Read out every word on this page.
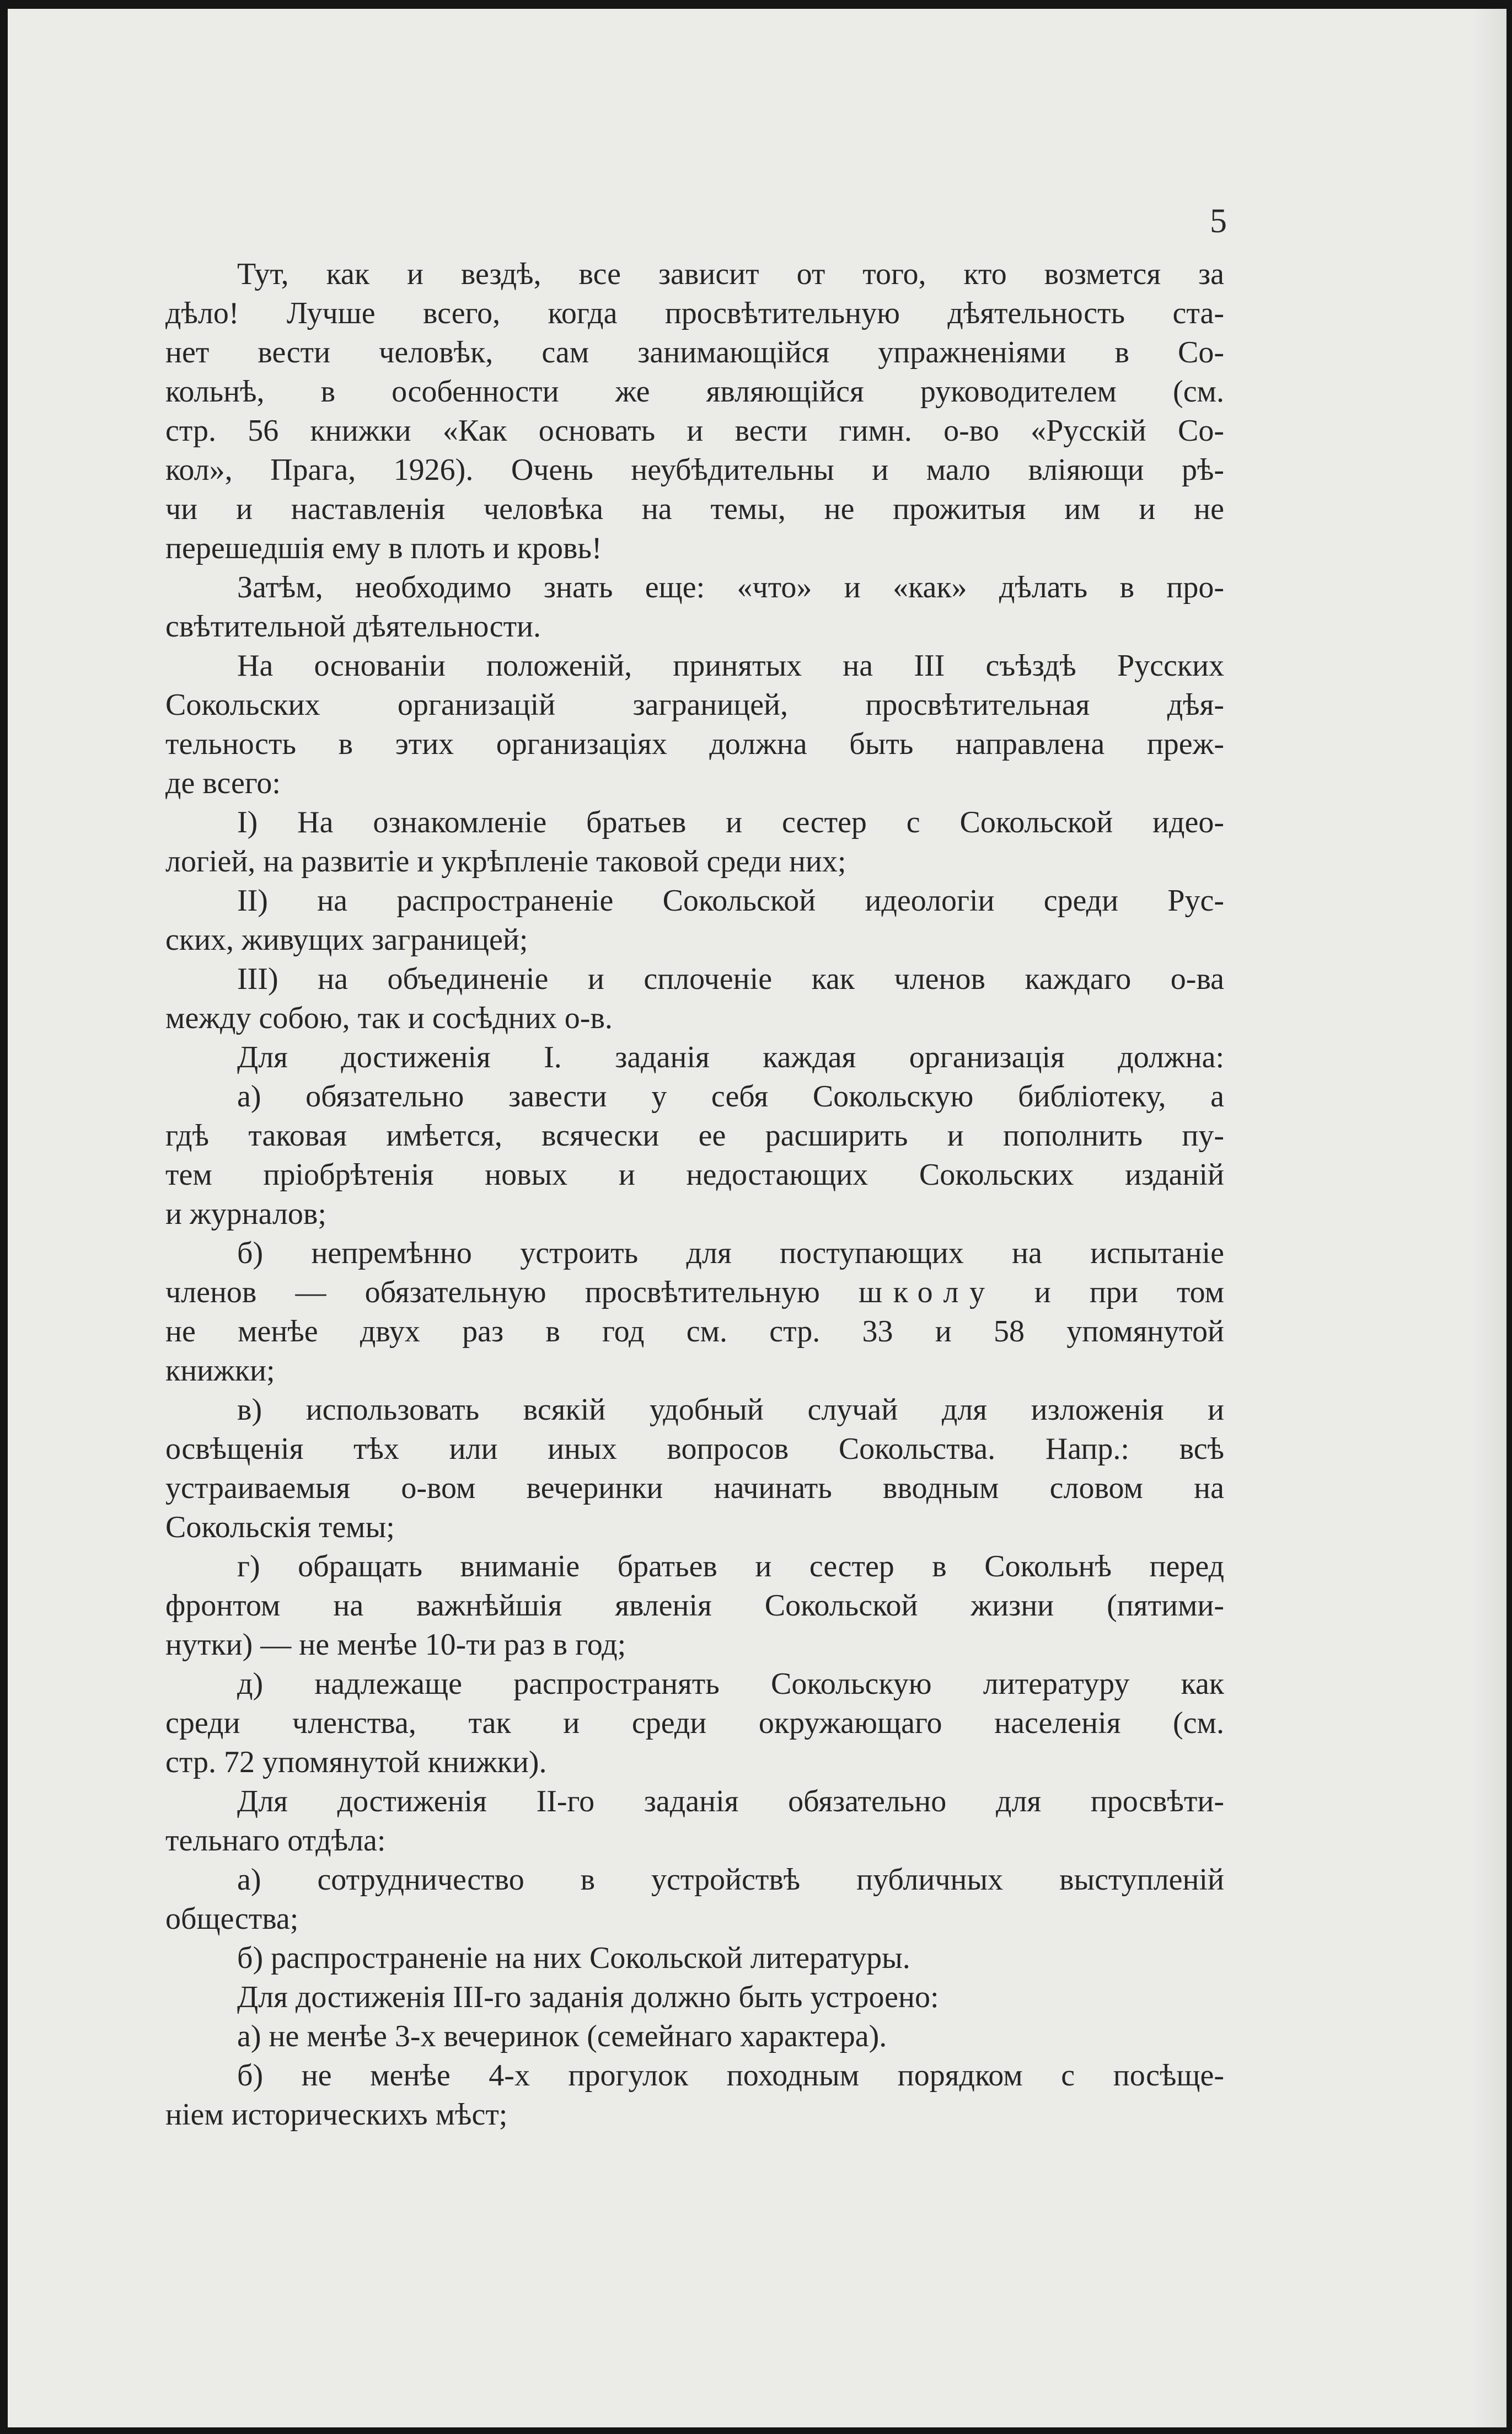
5
Тут, как и вездѣ, все зависит от того, кто возмется за
дѣло! Лучше всего, когда просвѣтительную дѣятельность ста-
нет вести человѣк, сам занимающійся упражненіями в Со-
кольнѣ, в особенности же являющійся руководителем (см.
стр. 56 книжки «Как основать и вести гимн. о-во «Русскій Со-
кол», Прага, 1926). Очень неубѣдительны и мало вліяющи рѣ-
чи и наставленія человѣка на темы, не прожитыя им и не
перешедшія ему в плоть и кровь!
Затѣм, необходимо знать еще: «что» и «как» дѣлать в про-
свѣтительной дѣятельности.
На основаніи положеній, принятых на III съѣздѣ Русских
Сокольских организацій заграницей, просвѣтительная дѣя-
тельность в этих организаціях должна быть направлена преж-
де всего:
I) На ознакомленіе братьев и сестер с Сокольской идео-
логіей, на развитіе и укрѣпленіе таковой среди них;
II) на распространеніе Сокольской идеологіи среди Рус-
ских, живущих заграницей;
III) на объединеніе и сплоченіе как членов каждаго о-ва
между собою, так и сосѣдних о-в.
Для достиженія I. заданія каждая организація должна:
а) обязательно завести у себя Сокольскую библіотеку, а
гдѣ таковая имѣется, всячески ее расширить и пополнить пу-
тем пріобрѣтенія новых и недостающих Сокольских изданій
и журналов;
б) непремѣнно устроить для поступающих на испытаніе
членов — обязательную просвѣтительную школу и при том
не менѣе двух раз в год см. стр. 33 и 58 упомянутой
книжки;
в) использовать всякій удобный случай для изложенія и
освѣщенія тѣх или иных вопросов Сокольства. Напр.: всѣ
устраиваемыя о-вом вечеринки начинать вводным словом на
Сокольскія темы;
г) обращать вниманіе братьев и сестер в Сокольнѣ перед
фронтом на важнѣйшія явленія Сокольской жизни (пятими-
нутки) — не менѣе 10-ти раз в год;
д) надлежаще распространять Сокольскую литературу как
среди членства, так и среди окружающаго населенія (см.
стр. 72 упомянутой книжки).
Для достиженія II-го заданія обязательно для просвѣти-
тельнаго отдѣла:
а) сотрудничество в устройствѣ публичных выступленій
общества;
б) распространеніе на них Сокольской литературы.
Для достиженія III-го заданія должно быть устроено:
а) не менѣе 3-х вечеринок (семейнаго характера).
б) не менѣе 4-х прогулок походным порядком с посѣще-
ніем историческихъ мѣст;
